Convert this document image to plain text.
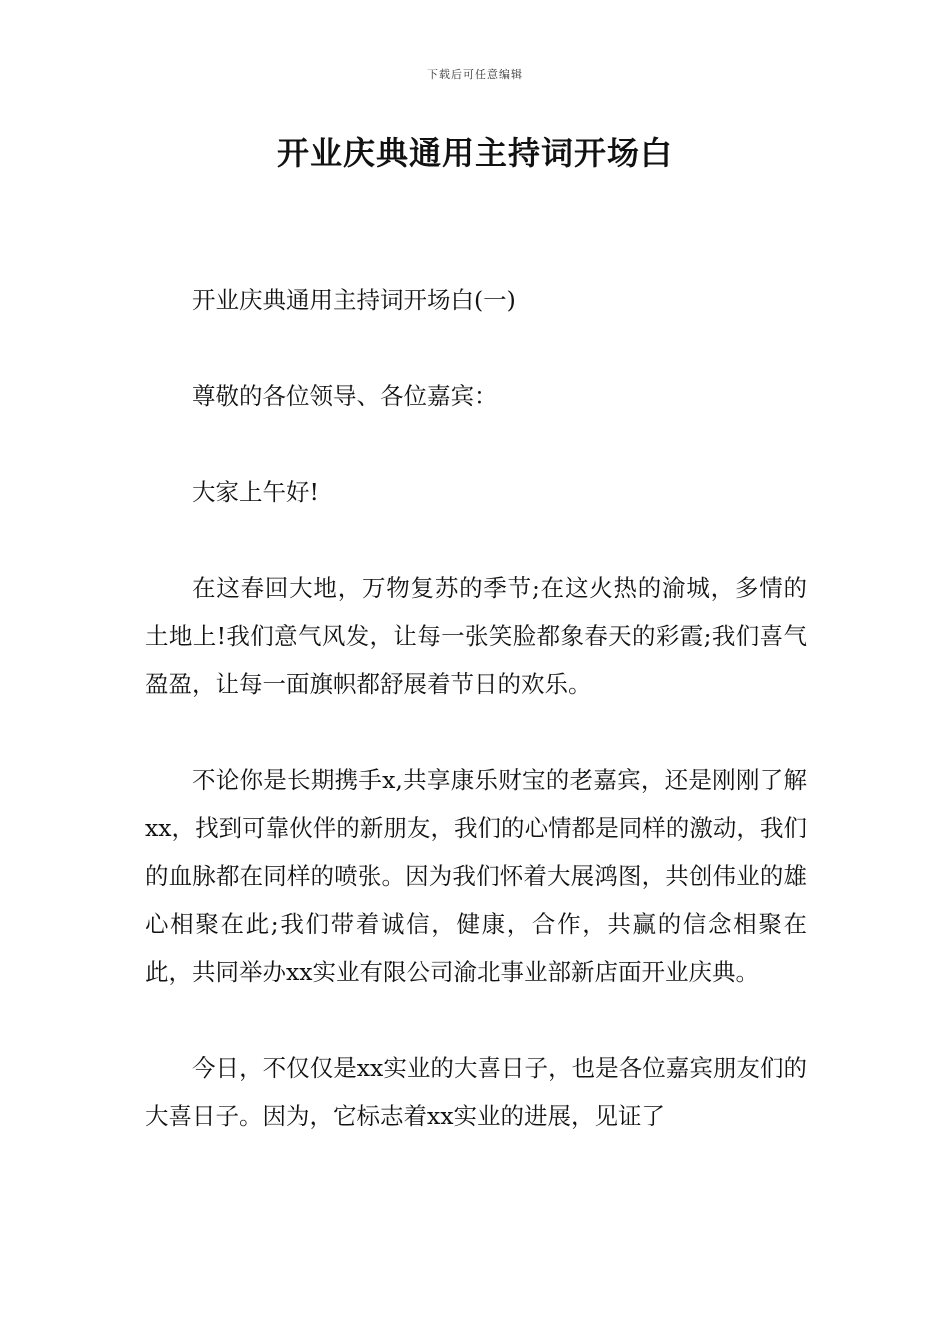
下载后可任意编辑
开业庆典通用主持词开场白

开业庆典通用主持词开场白(一)

尊敬的各位领导、各位嘉宾：

大家上午好!

在这春回大地，万物复苏的季节;在这火热的渝城，多情的土地上!我们意气风发，让每一张笑脸都象春天的彩霞;我们喜气盈盈，让每一面旗帜都舒展着节日的欢乐。

不论你是长期携手x,共享康乐财宝的老嘉宾，还是刚刚了解xx，找到可靠伙伴的新朋友，我们的心情都是同样的激动，我们的血脉都在同样的喷张。因为我们怀着大展鸿图，共创伟业的雄心相聚在此;我们带着诚信，健康，合作，共赢的信念相聚在此，共同举办xx实业有限公司渝北事业部新店面开业庆典。

今日，不仅仅是xx实业的大喜日子，也是各位嘉宾朋友们的大喜日子。因为，它标志着xx实业的进展，见证了
